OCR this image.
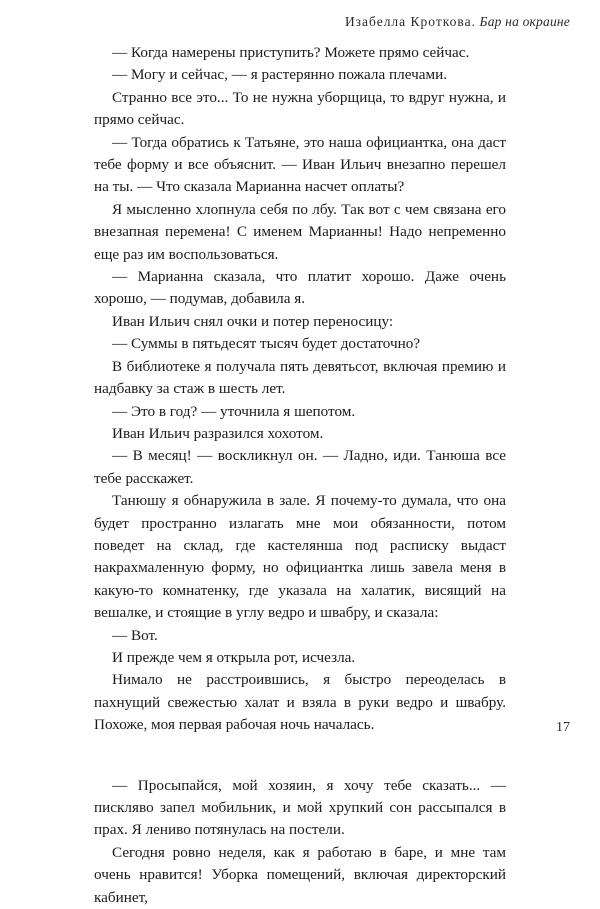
Изабелла Кроткова. Бар на окраине

— Когда намерены приступить? Можете прямо сейчас.

— Могу и сейчас, — я растерянно пожала плечами.

Странно все это... То не нужна уборщица, то вдруг нужна, и прямо сейчас.

— Тогда обратись к Татьяне, это наша официантка, она даст тебе форму и все объяснит. — Иван Ильич внезапно перешел на ты. — Что сказала Марианна насчет оплаты?

Я мысленно хлопнула себя по лбу. Так вот с чем связана его внезапная перемена! С именем Марианны! Надо непременно еще раз им воспользоваться.

— Марианна сказала, что платит хорошо. Даже очень хорошо, — подумав, добавила я.

Иван Ильич снял очки и потер переносицу:

— Суммы в пятьдесят тысяч будет достаточно?

В библиотеке я получала пять девятьсот, включая премию и надбавку за стаж в шесть лет.

— Это в год? — уточнила я шепотом.

Иван Ильич разразился хохотом.

— В месяц! — воскликнул он. — Ладно, иди. Танюша все тебе расскажет.

Танюшу я обнаружила в зале. Я почему-то думала, что она будет пространно излагать мне мои обязанности, потом поведет на склад, где кастелянша под расписку выдаст накрахмаленную форму, но официантка лишь завела меня в какую-то комнатенку, где указала на халатик, висящий на вешалке, и стоящие в углу ведро и швабру, и сказала:

— Вот.

И прежде чем я открыла рот, исчезла.

Нимало не расстроившись, я быстро переоделась в пахнущий свежестью халат и взяла в руки ведро и швабру. Похоже, моя первая рабочая ночь началась.

— Просыпайся, мой хозяин, я хочу тебе сказать... — писклявo запел мобильник, и мой хрупкий сон рассыпался в прах. Я лениво потянулась на постели.

Сегодня ровно неделя, как я работаю в баре, и мне там очень нравится! Уборка помещений, включая директорский кабинет,

17
